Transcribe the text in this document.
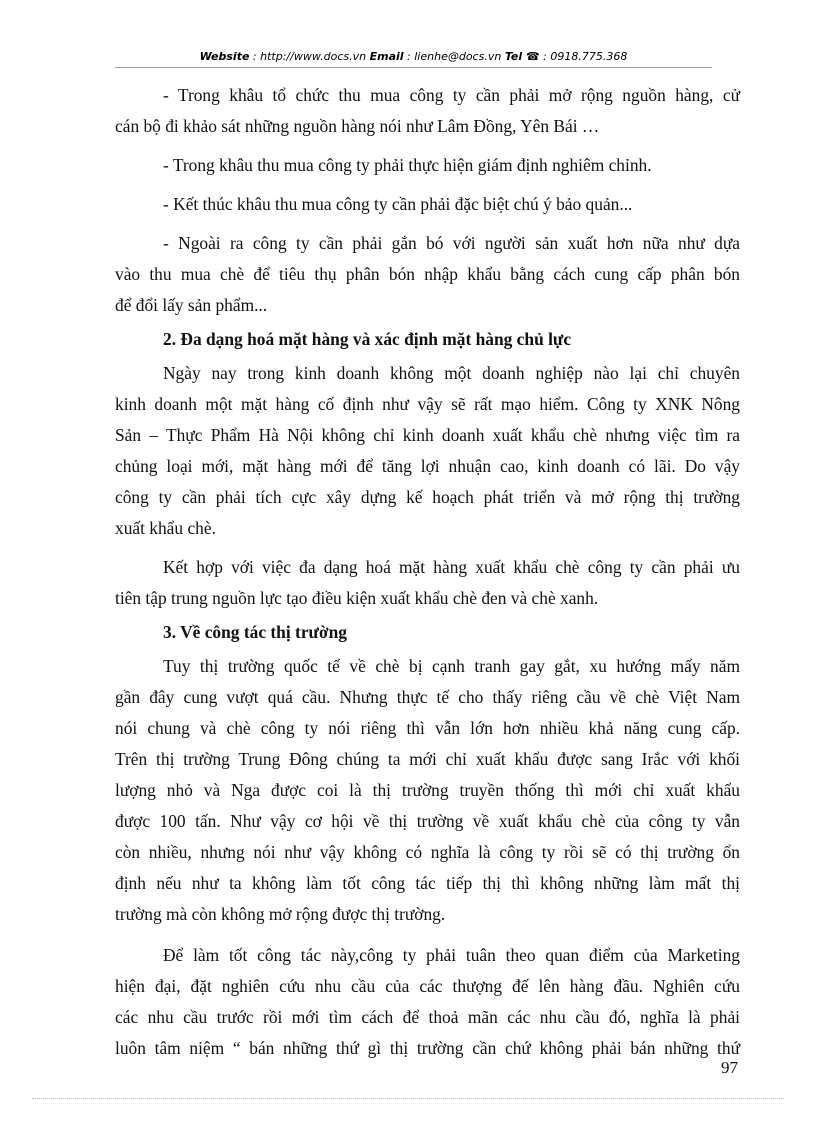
Website : http://www.docs.vn Email : lienhe@docs.vn Tel ☎ : 0918.775.368
- Trong khâu tổ chức thu mua công ty cần phải mở rộng nguồn hàng, cử
cán bộ đi khảo sát những nguồn hàng nói như Lâm Đồng, Yên Bái …
- Trong khâu thu mua công ty phải thực hiện giám định nghiêm chỉnh.
- Kết thúc khâu thu mua công ty cần phải đặc biệt chú ý bảo quản...
- Ngoài ra công ty cần phải gắn bó với người sản xuất hơn nữa như dựa
vào thu mua chè để tiêu thụ phân bón nhập khẩu bằng cách cung cấp phân bón
để đổi lấy sản phẩm...
2. Đa dạng hoá mặt hàng và xác định mặt hàng chủ lực
Ngày nay trong kinh doanh không một doanh nghiệp nào lại chỉ chuyên
kinh doanh một mặt hàng cố định như vậy sẽ rất mạo hiểm. Công ty XNK Nông
Sản – Thực Phẩm Hà Nội không chỉ kinh doanh xuất khẩu chè nhưng việc tìm ra
chủng loại mới, mặt hàng mới để tăng lợi nhuận cao, kinh doanh có lãi. Do vậy
công ty cần phải tích cực xây dựng kế hoạch phát triển và mở rộng thị trường
xuất khẩu chè.
Kết hợp với việc đa dạng hoá mặt hàng xuất khẩu chè công ty cần phải ưu
tiên tập trung nguồn lực tạo điều kiện xuất khẩu chè đen và chè xanh.
3. Về công tác thị trường
Tuy thị trường quốc tế về chè bị cạnh tranh gay gắt, xu hướng mấy năm
gần đây cung vượt quá cầu. Nhưng thực tế cho thấy riêng cầu về chè Việt Nam
nói chung và chè công ty nói riêng thì vẫn lớn hơn nhiều khả năng cung cấp.
Trên thị trường Trung Đông chúng ta mới chỉ xuất khẩu được sang Irắc với khối
lượng nhỏ và Nga được coi là thị trường truyền thống thì mới chỉ xuất khẩu
được 100 tấn. Như vậy cơ hội về thị trường về xuất khẩu chè của công ty vẫn
còn nhiều, nhưng nói như vậy không có nghĩa là công ty rồi sẽ có thị trường ổn
định nếu như ta không làm tốt công tác tiếp thị thì không những làm mất thị
trường mà còn không mở rộng được thị trường.
Để làm tốt công tác này,công ty phải tuân theo quan điểm của Marketing
hiện đại, đặt nghiên cứu nhu cầu của các thượng đế lên hàng đầu. Nghiên cứu
các nhu cầu trước rồi mới tìm cách để thoả mãn các nhu cầu đó, nghĩa là phải
luôn tâm niệm “ bán những thứ gì thị trường cần chứ không phải bán những thứ
97
